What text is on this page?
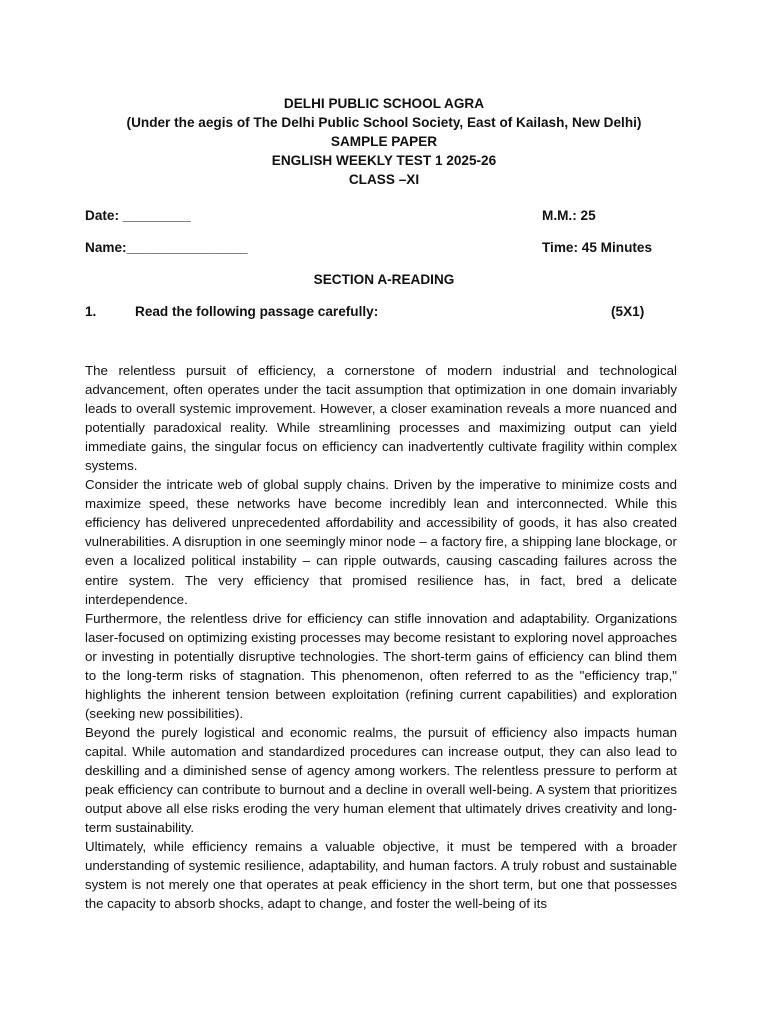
DELHI PUBLIC SCHOOL AGRA
(Under the aegis of The Delhi Public School Society, East of Kailash, New Delhi)
SAMPLE PAPER
ENGLISH WEEKLY TEST 1 2025-26
CLASS –XI
Date: _________	M.M.: 25
Name:________________	Time: 45 Minutes
SECTION A-READING
1.	Read the following passage carefully:	(5X1)

The relentless pursuit of efficiency, a cornerstone of modern industrial and technological advancement, often operates under the tacit assumption that optimization in one domain invariably leads to overall systemic improvement. However, a closer examination reveals a more nuanced and potentially paradoxical reality. While streamlining processes and maximizing output can yield immediate gains, the singular focus on efficiency can inadvertently cultivate fragility within complex systems.

Consider the intricate web of global supply chains. Driven by the imperative to minimize costs and maximize speed, these networks have become incredibly lean and interconnected. While this efficiency has delivered unprecedented affordability and accessibility of goods, it has also created vulnerabilities. A disruption in one seemingly minor node – a factory fire, a shipping lane blockage, or even a localized political instability – can ripple outwards, causing cascading failures across the entire system. The very efficiency that promised resilience has, in fact, bred a delicate interdependence.

Furthermore, the relentless drive for efficiency can stifle innovation and adaptability. Organizations laser-focused on optimizing existing processes may become resistant to exploring novel approaches or investing in potentially disruptive technologies. The short-term gains of efficiency can blind them to the long-term risks of stagnation. This phenomenon, often referred to as the "efficiency trap," highlights the inherent tension between exploitation (refining current capabilities) and exploration (seeking new possibilities).

Beyond the purely logistical and economic realms, the pursuit of efficiency also impacts human capital. While automation and standardized procedures can increase output, they can also lead to deskilling and a diminished sense of agency among workers. The relentless pressure to perform at peak efficiency can contribute to burnout and a decline in overall well-being. A system that prioritizes output above all else risks eroding the very human element that ultimately drives creativity and long-term sustainability.

Ultimately, while efficiency remains a valuable objective, it must be tempered with a broader understanding of systemic resilience, adaptability, and human factors. A truly robust and sustainable system is not merely one that operates at peak efficiency in the short term, but one that possesses the capacity to absorb shocks, adapt to change, and foster the well-being of its
